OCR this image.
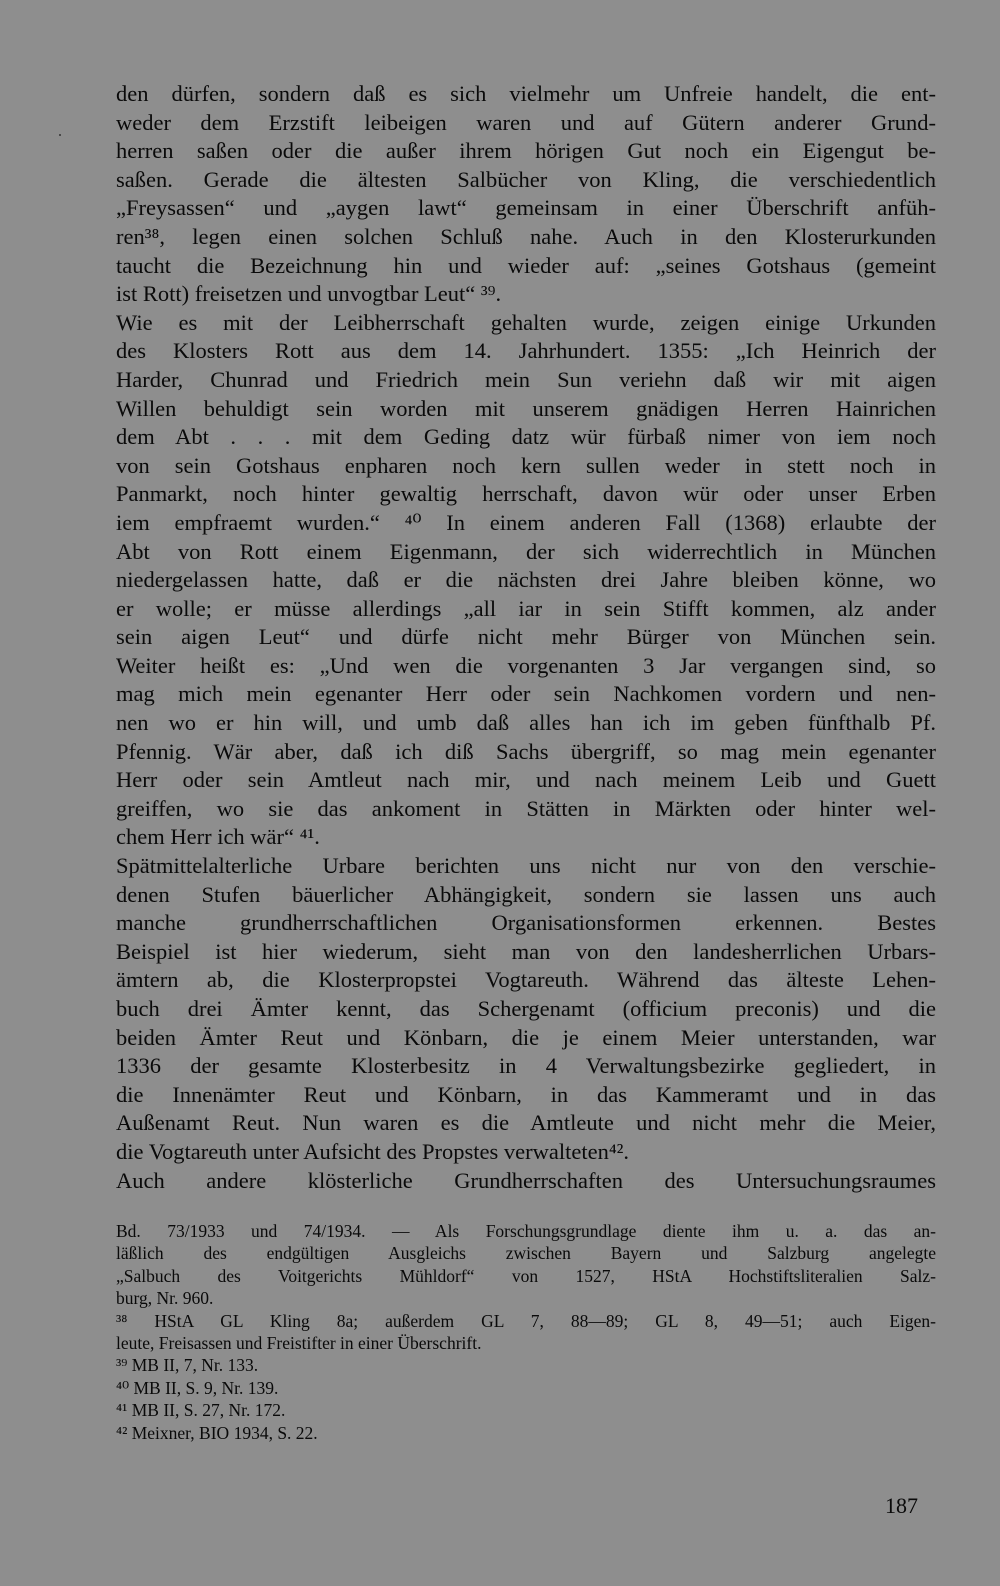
den dürfen, sondern daß es sich vielmehr um Unfreie handelt, die ent-
weder dem Erzstift leibeigen waren und auf Gütern anderer Grund-
herren saßen oder die außer ihrem hörigen Gut noch ein Eigengut be-
saßen. Gerade die ältesten Salbücher von Kling, die verschiedentlich
„Freysassen“ und „aygen lawt“ gemeinsam in einer Überschrift anfüh-
ren³⁸, legen einen solchen Schluß nahe. Auch in den Klosterurkunden
taucht die Bezeichnung hin und wieder auf: „seines Gotshaus (gemeint
ist Rott) freisetzen und unvogtbar Leut“ ³⁹.
Wie es mit der Leibherrschaft gehalten wurde, zeigen einige Urkunden
des Klosters Rott aus dem 14. Jahrhundert. 1355: „Ich Heinrich der
Harder, Chunrad und Friedrich mein Sun veriehn daß wir mit aigen
Willen behuldigt sein worden mit unserem gnädigen Herren Hainrichen
dem Abt . . . mit dem Geding datz wür fürbaß nimer von iem noch
von sein Gotshaus enpharen noch kern sullen weder in stett noch in
Panmarkt, noch hinter gewaltig herrschaft, davon wür oder unser Erben
iem empfraemt wurden.“ ⁴⁰ In einem anderen Fall (1368) erlaubte der
Abt von Rott einem Eigenmann, der sich widerrechtlich in München
niedergelassen hatte, daß er die nächsten drei Jahre bleiben könne, wo
er wolle; er müsse allerdings „all iar in sein Stifft kommen, alz ander
sein aigen Leut“ und dürfe nicht mehr Bürger von München sein.
Weiter heißt es: „Und wen die vorgenanten 3 Jar vergangen sind, so
mag mich mein egenanter Herr oder sein Nachkomen vordern und nen-
nen wo er hin will, und umb daß alles han ich im geben fünfthalb Pf.
Pfennig. Wär aber, daß ich diß Sachs übergriff, so mag mein egenanter
Herr oder sein Amtleut nach mir, und nach meinem Leib und Guett
greiffen, wo sie das ankoment in Stätten in Märkten oder hinter wel-
chem Herr ich wär“ ⁴¹.
Spätmittelalterliche Urbare berichten uns nicht nur von den verschie-
denen Stufen bäuerlicher Abhängigkeit, sondern sie lassen uns auch
manche grundherrschaftlichen Organisationsformen erkennen. Bestes
Beispiel ist hier wiederum, sieht man von den landesherrlichen Urbars-
ämtern ab, die Klosterpropstei Vogtareuth. Während das älteste Lehen-
buch drei Ämter kennt, das Schergenamt (officium preconis) und die
beiden Ämter Reut und Könbarn, die je einem Meier unterstanden, war
1336 der gesamte Klosterbesitz in 4 Verwaltungsbezirke gegliedert, in
die Innenämter Reut und Könbarn, in das Kammeramt und in das
Außenamt Reut. Nun waren es die Amtleute und nicht mehr die Meier,
die Vogtareuth unter Aufsicht des Propstes verwalteten⁴².
Auch andere klösterliche Grundherrschaften des Untersuchungsraumes
Bd. 73/1933 und 74/1934. — Als Forschungsgrundlage diente ihm u. a. das an-
läßlich des endgültigen Ausgleichs zwischen Bayern und Salzburg angelegte
„Salbuch des Voitgerichts Mühldorf“ von 1527, HStA Hochstiftsliteralien Salz-
burg, Nr. 960.
³⁸ HStA GL Kling 8a; außerdem GL 7, 88—89; GL 8, 49—51; auch Eigen-
leute, Freisassen und Freistifter in einer Überschrift.
³⁹ MB II, 7, Nr. 133.
⁴⁰ MB II, S. 9, Nr. 139.
⁴¹ MB II, S. 27, Nr. 172.
⁴² Meixner, BIO 1934, S. 22.
187
